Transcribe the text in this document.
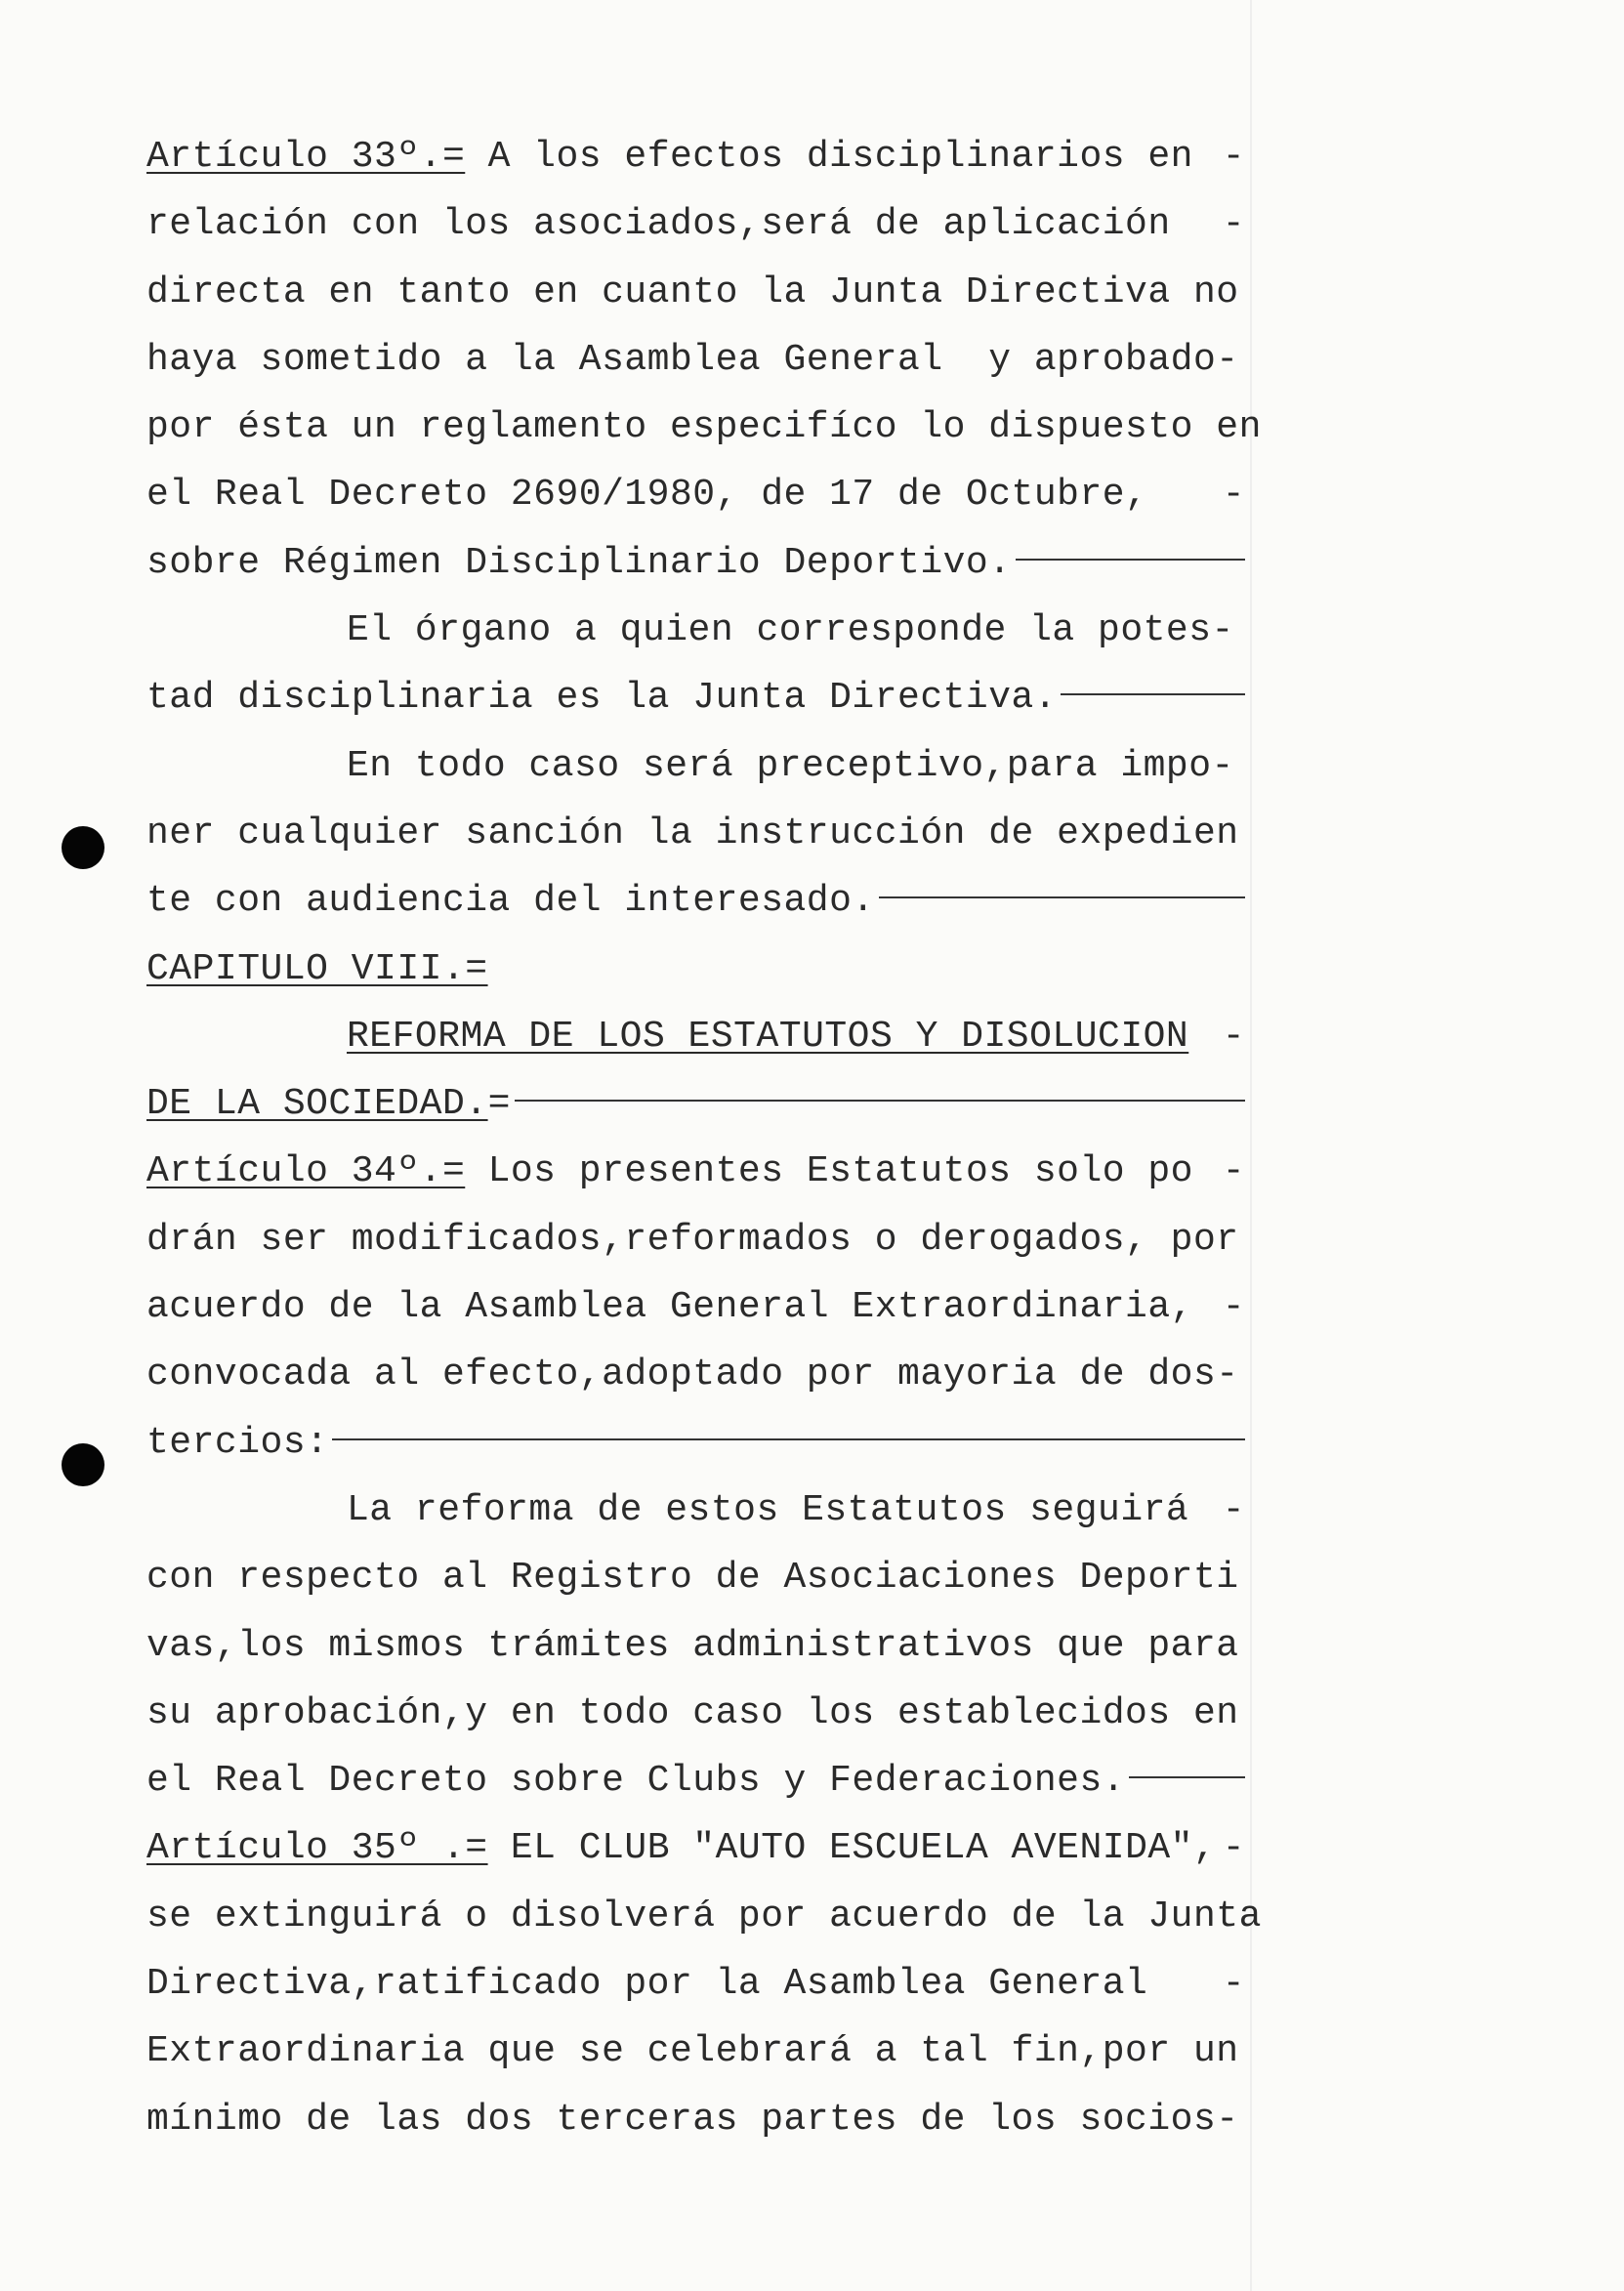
Artículo 33º.= A los efectos disciplinarios en -
relación con los asociados,será de aplicación -
directa en tanto en cuanto la Junta Directiva no
haya sometido a la Asamblea General  y aprobado-
por ésta un reglamento especifíco lo dispuesto en
el Real Decreto 2690/1980, de 17 de Octubre, -
sobre Régimen Disciplinario Deportivo.
El órgano a quien corresponde la potes-
tad disciplinaria es la Junta Directiva.
En todo caso será preceptivo,para impo-
ner cualquier sanción la instrucción de expedien
te con audiencia del interesado.
CAPITULO VIII.=
REFORMA DE LOS ESTATUTOS Y DISOLUCION -
DE LA SOCIEDAD. =
Artículo 34º.= Los presentes Estatutos solo po -
drán ser modificados,reformados o derogados, por
acuerdo de la Asamblea General Extraordinaria, -
convocada al efecto,adoptado por mayoria de dos-
tercios:
La reforma de estos Estatutos seguirá -
con respecto al Registro de Asociaciones Deporti
vas,los mismos trámites administrativos que para
su aprobación,y en todo caso los establecidos en
el Real Decreto sobre Clubs y Federaciones.
Artículo 35º .= EL CLUB "AUTO ESCUELA AVENIDA", -
se extinguirá o disolverá por acuerdo de la Junta
Directiva,ratificado por la Asamblea General -
Extraordinaria que se celebrará a tal fin,por un
mínimo de las dos terceras partes de los socios-
